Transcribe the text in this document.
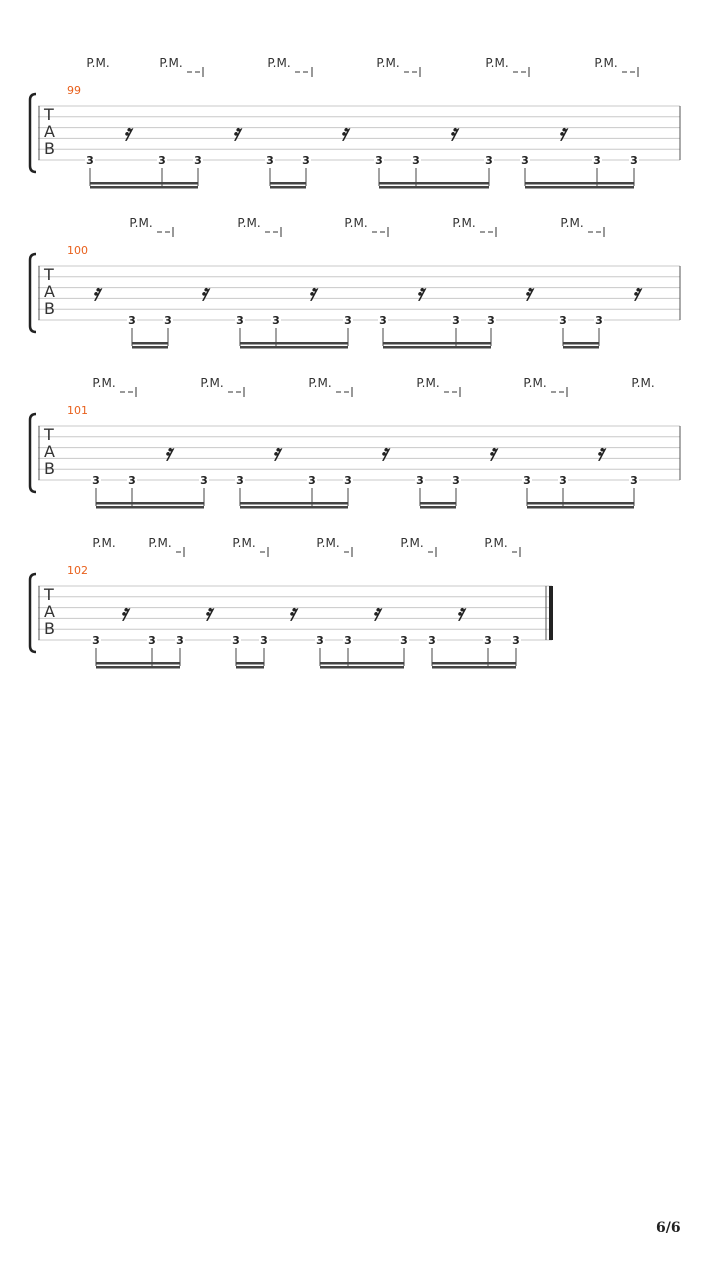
T
A
B
99
P.M.	P.M.	P.M.	P.M.	P.M.	P.M.
3	3	3	3	3	3	3	3	3	3	3
𝄿	𝄿	𝄿	𝄿	𝄿
T
A
B
100
P.M.	P.M.	P.M.	P.M.	P.M.
3	3	3	3	3 3	3 3	3	3
𝄿	𝄿	𝄿	𝄿	𝄿	𝄿
T
A
B
101
P.M.	P.M.	P.M.	P.M.	P.M.	P.M.
3	3	3	3	3	3	3	3	3	3	3
𝄿	𝄿	𝄿	𝄿	𝄿
T
A
B
102
P.M.	P.M.	P.M.	P.M.	P.M.	P.M.
3	3 3	3 3	3 3	3 3	3 3
𝄿	𝄿	𝄿	𝄿	𝄿
6/6
